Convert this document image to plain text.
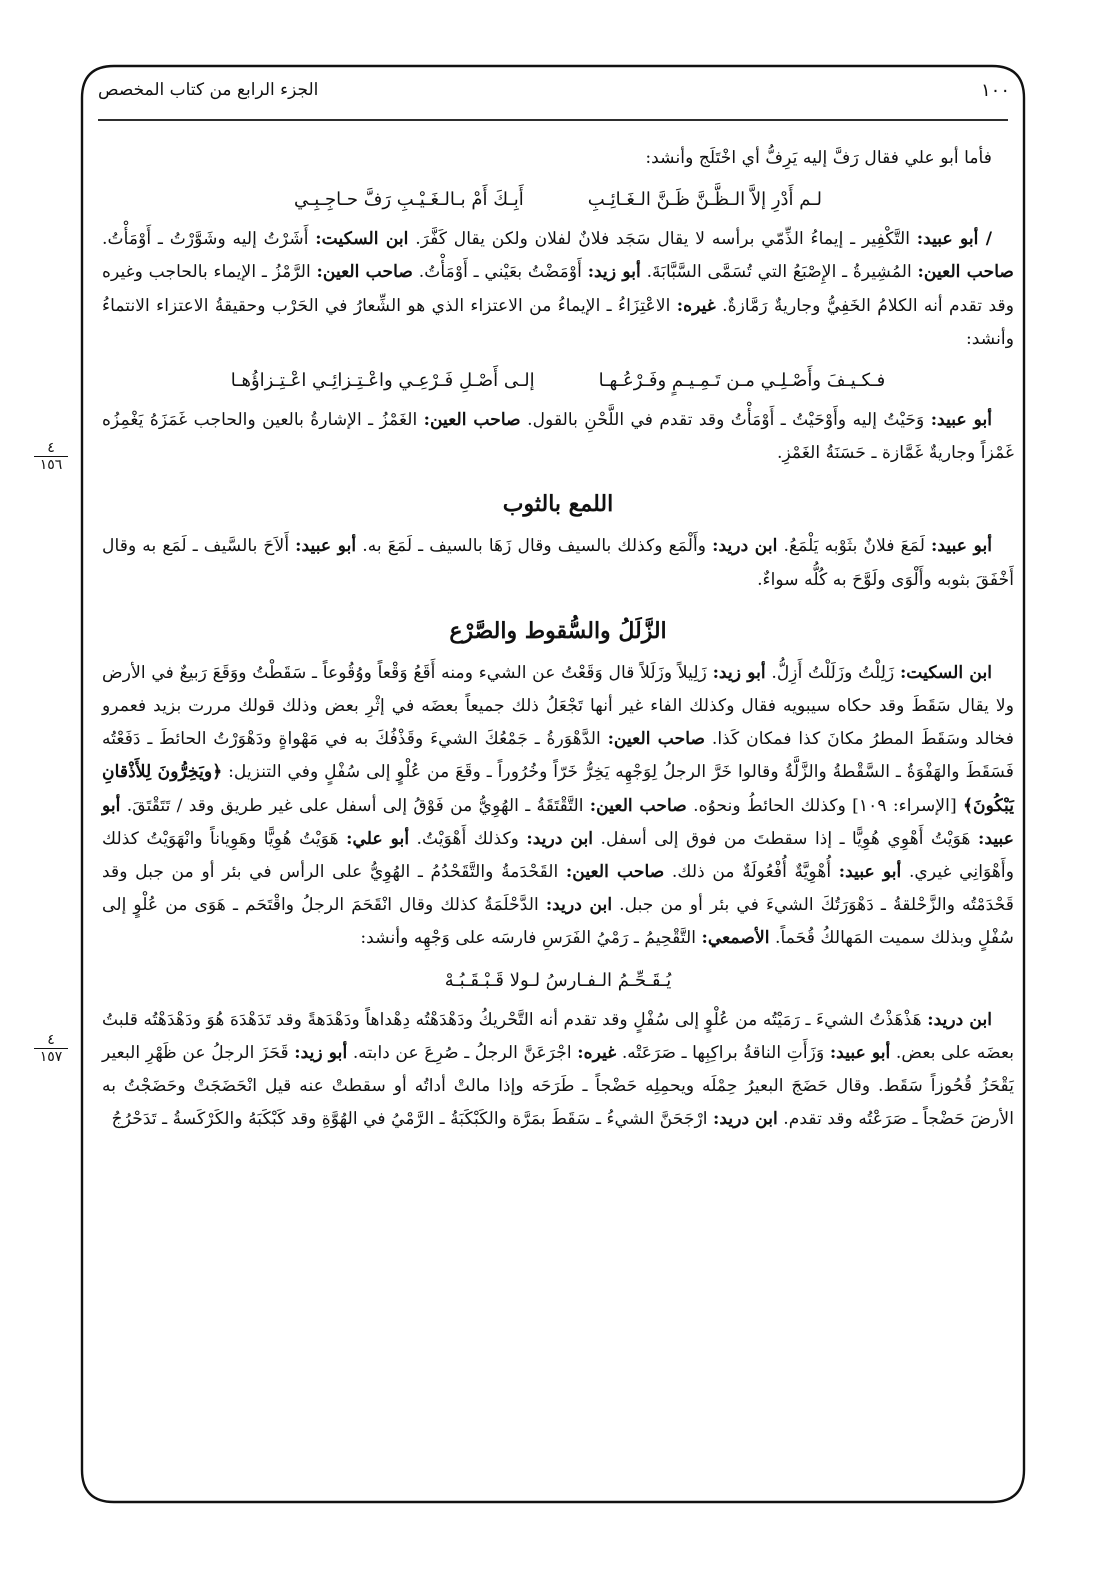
١٠٠
الجزء الرابع من كتاب المخصص
٤
١٥٦
٤
١٥٧

فأما أبو علي فقال رَفَّ إليه يَرِفُّ أي اخْتَلَج وأنشد:

لـم أَدْرِ إلاَّ الـظَّـنَّ ظَـنَّ الـغَـائِـبِ
أَبِـكَ أَمْ بـالـغَـيْـبِ رَفَّ حـاجِـبِـي

/ أبو عبيد: التَّكْفِير ـ إيماءُ الذِّمّي برأسه لا يقال سَجَد فلانٌ لفلان ولكن يقال كَفَّرَ. ابن السكيت: أَشَرْتُ إليه وشَوَّرْتُ ـ أَوْمَأْتُ. صاحب العين: المُشِيرةُ ـ الإِصْبَعُ التي تُسَمَّى السَّبَّابَةَ. أبو زيد: أَوْمَضْتُ بعَيْني ـ أَوْمَأْتُ. صاحب العين: الرَّمْزُ ـ الإيماء بالحاجب وغيره وقد تقدم أنه الكلامُ الخَفِيُّ وجاريةٌ رَمَّازةٌ. غيره: الاعْتِزَاءُ ـ الإيماءُ من الاعتزاء الذي هو الشِّعارُ في الحَرْب وحقيقةُ الاعتزاء الانتماءُ وأنشد:

فـكـيـفَ وأَصْـلِـي مـن تَـمِـيـمٍ وفَـرْعُـهـا
إلـى أَصْـلِ فَـرْعِـي واعْـتِـزائِـي اعْـتِـزاؤُهـا

أبو عبيد: وَحَيْتُ إليه وأَوْحَيْتُ ـ أَوْمَأْتُ وقد تقدم في اللَّحْنِ بالقول. صاحب العين: الغَمْزُ ـ الإشارةُ بالعين والحاجب غَمَزَهُ يَغْمِزُه غَمْزاً وجاريةٌ غَمَّازة ـ حَسَنَةُ الغَمْزِ.

اللمع بالثوب

أبو عبيد: لَمَعَ فلانٌ بثَوْبه يَلْمَعُ. ابن دريد: وأَلْمَع وكذلك بالسيف وقال زَهَا بالسيف ـ لَمَعَ به. أبو عبيد: أَلاَحَ بالسَّيف ـ لَمَع به وقال أَخْفَقَ بثوبه وأَلْوَى ولَوَّحَ به كُلُّه سواءٌ.

الزَّلَلُ والسُّقوط والصَّرْع

ابن السكيت: زَلِلْتُ وزَلَلْتُ أَزِلُّ. أبو زيد: زَلِيلاً وزَلَلاً قال وَقَعْتُ عن الشيء ومنه أَقَعُ وَقْعاً ووُقُوعاً ـ سَقَطْتُ ووَقَعَ رَبيعٌ في الأرض ولا يقال سَقَطَ وقد حكاه سيبويه فقال وكذلك الفاء غير أنها تَجْعَلُ ذلك جميعاً بعضَه في إثْرِ بعض وذلك قولك مررت بزيد فعمرو فخالد وسَقَطَ المطرُ مكانَ كذا فمكان كَذا. صاحب العين: الدَّهْوَرةُ ـ جَمْعُكَ الشيءَ وقَذْفُكَ به في مَهْواةٍ ودَهْوَرْتُ الحائطَ ـ دَفَعْتُه فَسَقَطَ والهَفْوَةُ ـ السَّقْطةُ والزَّلَّةُ وقالوا خَرَّ الرجلُ لِوَجْهِه يَخِرُّ خَرّاً وخُرُوراً ـ وقَعَ من عُلْوٍ إلى سُفْلٍ وفي التنزيل: ﴿ويَخِرُّونَ لِلأَذْقانِ يَبْكُونَ﴾ [الإسراء: ١٠٩] وكذلك الحائطُ ونحوُه. صاحب العين: التَّقْتَقَةُ ـ الهُوِيُّ من فَوْقُ إلى أسفل على غير طريق وقد / تَتَقْتَقَ. أبو عبيد: هَوَيْتُ أَهْوِي هُوِيًّا ـ إذا سقطتَ من فوق إلى أسفل. ابن دريد: وكذلك أَهْوَيْتُ. أبو علي: هَوَيْتُ هُوِيًّا وهَوِياناً وانْهَوَيْتُ كذلك وأَهْوَانِي غيري. أبو عبيد: أُهْوِيَّةٌ أُفْعُولَةٌ من ذلك. صاحب العين: القَحْدَمةُ والتَّقَحْدُمُ ـ الهُوِيُّ على الرأس في بئر أو من جبل وقد قَحْدَمْتُه والزَّحْلقةُ ـ دَهْوَرَتُكَ الشيءَ في بئر أو من جبل. ابن دريد: الدَّحْلَمَةُ كذلك وقال انْقَحَمَ الرجلُ واقْتَحَم ـ هَوَى من عُلْوٍ إلى سُفْلٍ وبذلك سميت المَهالكُ قُحَماً. الأصمعي: التَّقْحِيمُ ـ رَمْيُ الفَرَسِ فارسَه على وَجْهِه وأنشد:

يُـقَـحِّـمُ الـفـارسُ لـولا قَـبْـقَـبُـهْ

ابن دريد: هَذْهَذْتُ الشيءَ ـ رَمَيْتُه من عُلْوٍ إلى سُفْلٍ وقد تقدم أنه التَّحْريكُ ودَهْدَهْتُه دِهْداهاً ودَهْدَهةً وقد تَدَهْدَهَ هُوَ ودَهْدَهْتُه قلبتُ بعضَه على بعض. أبو عبيد: وَزَأَتِ الناقةُ براكِبِها ـ صَرَعَتْه. غيره: اجْرَعَنَّ الرجلُ ـ صُرِعَ عن دابته. أبو زيد: قَحَزَ الرجلُ عن ظَهْرِ البعير يَقْحَزُ قُحُوزاً سَقَط. وقال حَضَجَ البعيرُ حِمْلَه ويحمِلِه حَضْجاً ـ طَرَحَه وإذا مالتْ أداتُه أو سقطتْ عنه قيل انْحَضَجَتْ وحَضَجْتُ به الأرضَ حَضْجاً ـ صَرَعْتُه وقد تقدم. ابن دريد: ارْجَحَنَّ الشيءُ ـ سَقَطَ بمَرَّة والكَبْكَبَةُ ـ الرَّمْيُ في الهُوَّةِ وقد كَبْكَبَهُ والكَرْكَسةُ ـ تَدَحْرُجُ
